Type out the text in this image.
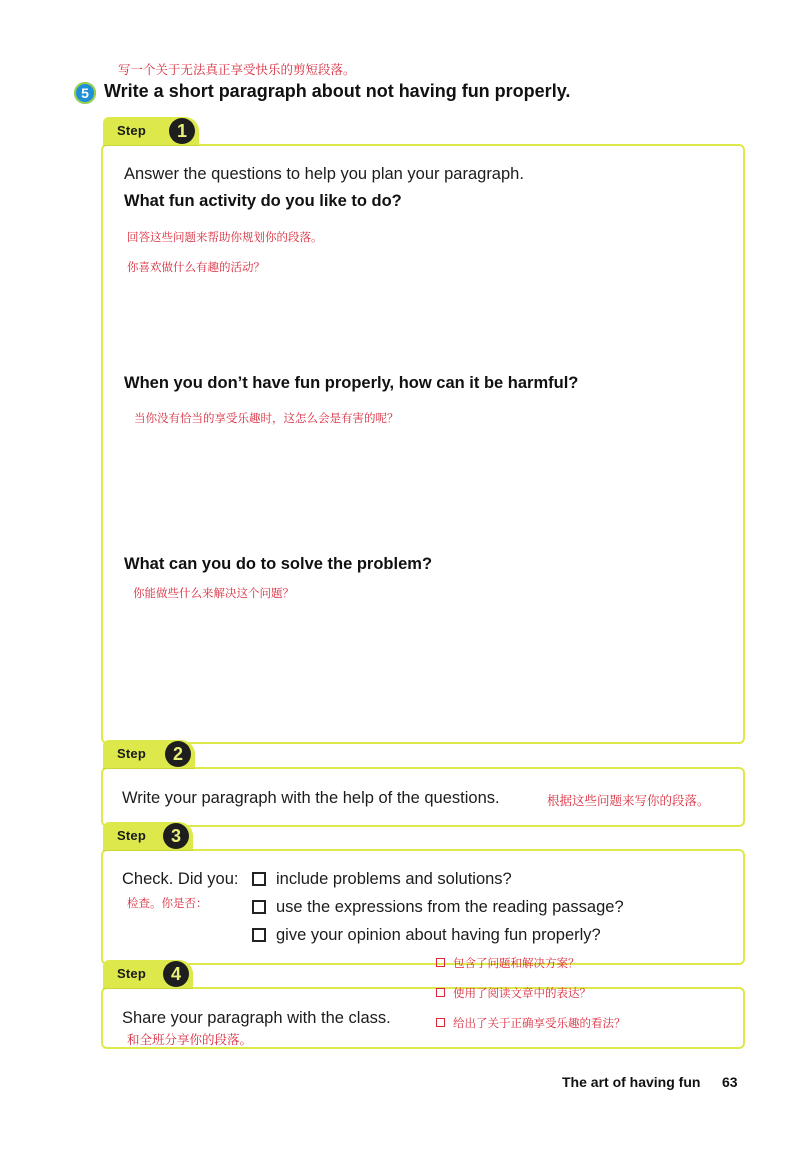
写一个关于无法真正享受快乐的剪短段落。
5 Write a short paragraph about not having fun properly.
Step	1
Answer the questions to help you plan your paragraph.
What fun activity do you like to do?
回答这些问题来帮助你规划你的段落。
你喜欢做什么有趣的活动？
When you don’t have fun properly, how can it be harmful?
当你没有恰当的享受乐趣时，这怎么会是有害的呢？
What can you do to solve the problem?
你能做些什么来解决这个问题？
Step	2
Write your paragraph with the help of the questions.	根据这些问题来写你的段落。
Step	3
Check. Did you:
检查。你是否：
include problems and solutions?
use the expressions from the reading passage?
give your opinion about having fun properly?
包含了问题和解决方案？
Step	4
使用了阅读文章中的表达？
给出了关于正确享受乐趣的看法？
Share your paragraph with the class.
和全班分享你的段落。
The art of having fun 63
